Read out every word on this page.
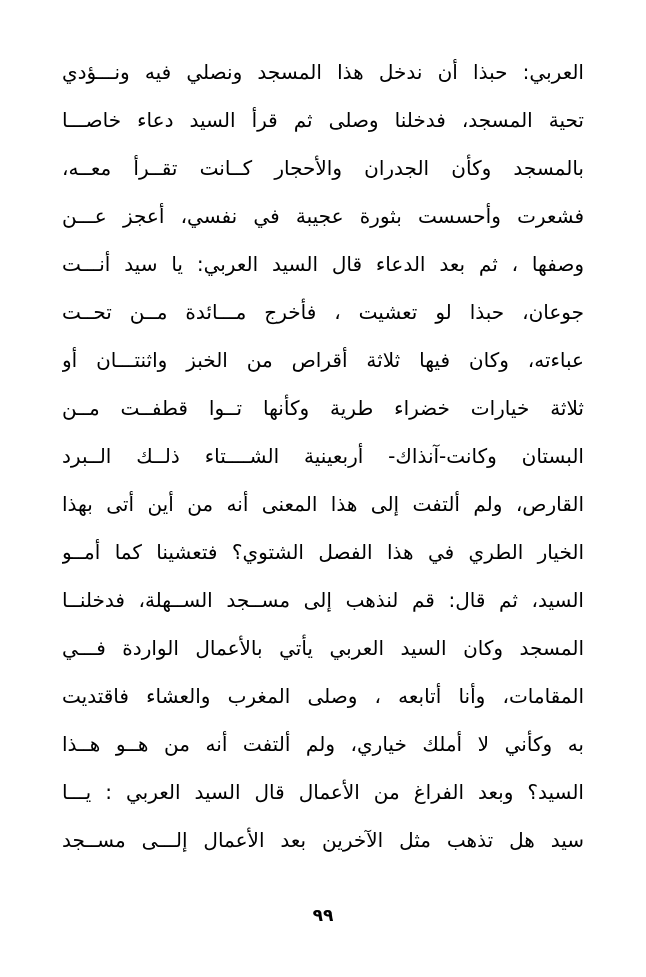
العربي: حبذا أن ندخل هذا المسجد ونصلي فيه ونـــؤدي
تحية المسجد، فدخلنا وصلى ثم قرأ السيد دعاء خاصـــا
بالمسجد وكأن الجدران والأحجار كــانت تقــرأ معــه،
فشعرت وأحسست بثورة عجيبة في نفسي، أعجز عـــن
وصفها ، ثم بعد الدعاء قال السيد العربي: يا سيد أنـــت
جوعان، حبذا لو تعشيت ، فأخرج مـــائدة مــن تحــت
عباءته، وكان فيها ثلاثة أقراص من الخبز واثنتـــان أو
ثلاثة خيارات خضراء طرية وكأنها تــوا قطفــت مــن
البستان وكانت-آنذاك- أربعينية الشــــتاء ذلــك الــبرد
القارص، ولم ألتفت إلى هذا المعنى أنه من أين أتى بهذا
الخيار الطري في هذا الفصل الشتوي؟ فتعشينا كما أمــو
السيد، ثم قال: قم لنذهب إلى مســجد الســهلة، فدخلنــا
المسجد وكان السيد العربي يأتي بالأعمال الواردة فـــي
المقامات، وأنا أتابعه ، وصلى المغرب والعشاء فاقتديت
به وكأني لا أملك خياري، ولم ألتفت أنه من هــو هــذا
السيد؟ وبعد الفراغ من الأعمال قال السيد العربي : يـــا
سيد هل تذهب مثل الآخرين بعد الأعمال إلـــى مســجد
٩٩
